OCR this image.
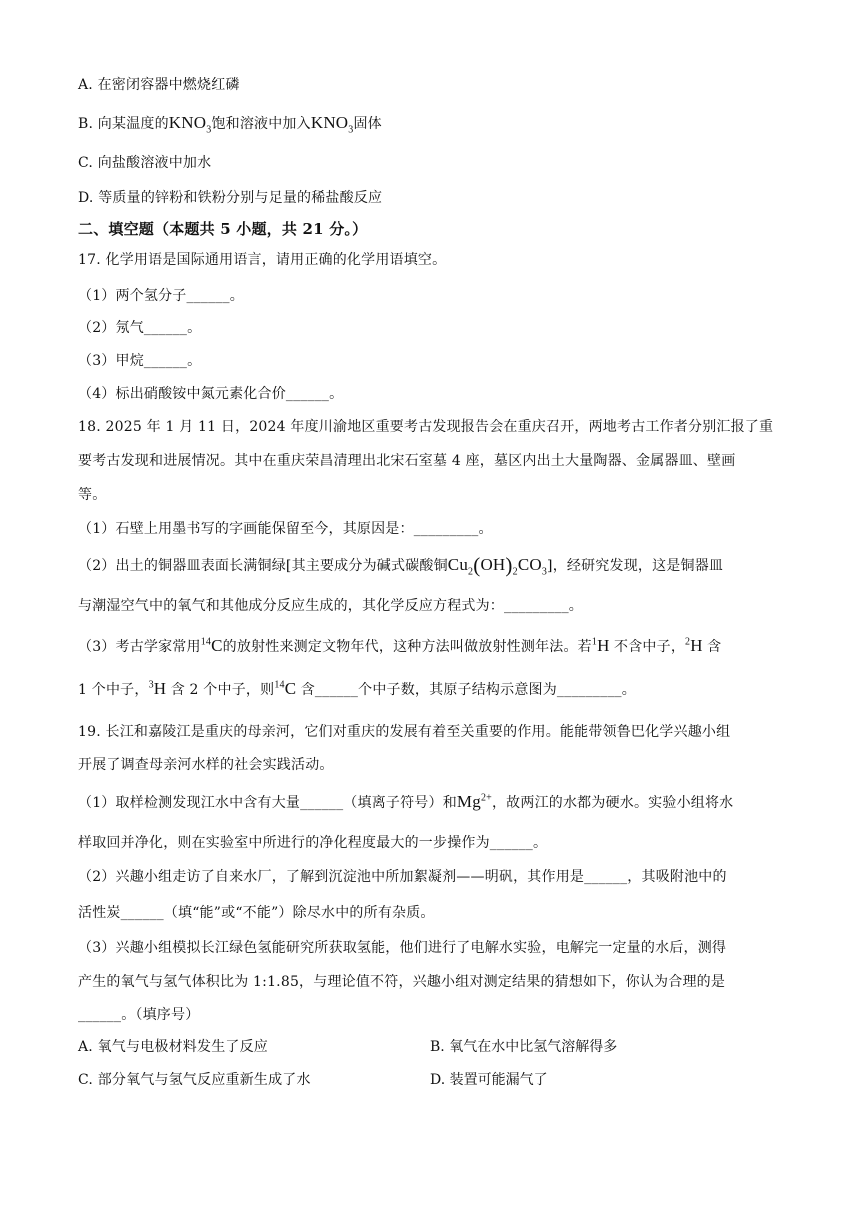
A. 在密闭容器中燃烧红磷
B. 向某温度的$KNO_3$饱和溶液中加入$KNO_3$固体
C. 向盐酸溶液中加水
D. 等质量的锌粉和铁粉分别与足量的稀盐酸反应
二、填空题（本题共 5 小题，共 21 分。）
17. 化学用语是国际通用语言，请用正确的化学用语填空。
（1）两个氢分子______。
（2）氖气______。
（3）甲烷______。
（4）标出硝酸铵中氮元素化合价______。
18. 2025 年 1 月 11 日，2024 年度川渝地区重要考古发现报告会在重庆召开，两地考古工作者分别汇报了重
要考古发现和进展情况。其中在重庆荣昌清理出北宋石室墓 4 座，墓区内出土大量陶器、金属器皿、壁画
等。
（1）石壁上用墨书写的字画能保留至今，其原因是：_________。
（2）出土的铜器皿表面长满铜绿[其主要成分为碱式碳酸铜$Cu_2(OH)_2CO_3$]，经研究发现，这是铜器皿
与潮湿空气中的氧气和其他成分反应生成的，其化学反应方程式为：_________。
（3）考古学家常用$^{14}$C的放射性来测定文物年代，这种方法叫做放射性测年法。若$^1$H 不含中子，$^2$H 含
1 个中子，$^3$H 含 2 个中子，则$^{14}$C 含______个中子数，其原子结构示意图为_________。
19. 长江和嘉陵江是重庆的母亲河，它们对重庆的发展有着至关重要的作用。能能带领鲁巴化学兴趣小组
开展了调查母亲河水样的社会实践活动。
（1）取样检测发现江水中含有大量______（填离子符号）和$Mg^{2+}$，故两江的水都为硬水。实验小组将水
样取回并净化，则在实验室中所进行的净化程度最大的一步操作为______。
（2）兴趣小组走访了自来水厂，了解到沉淀池中所加絮凝剂——明矾，其作用是______，其吸附池中的
活性炭______（填“能”或“不能”）除尽水中的所有杂质。
（3）兴趣小组模拟长江绿色氢能研究所获取氢能，他们进行了电解水实验，电解完一定量的水后，测得
产生的氧气与氢气体积比为 1:1.85，与理论值不符，兴趣小组对测定结果的猜想如下，你认为合理的是
______。（填序号）
A. 氧气与电极材料发生了反应	B. 氧气在水中比氢气溶解得多
C. 部分氧气与氢气反应重新生成了水	D. 装置可能漏气了
